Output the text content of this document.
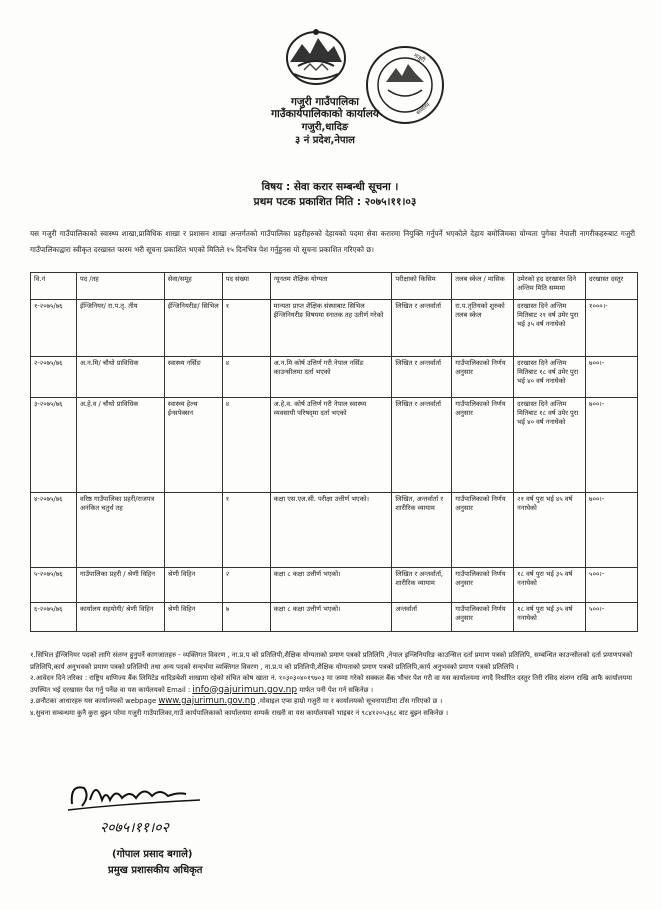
गजुरी
कार्यालय
गजुरी गाउँपालिका
गाउँकार्यपालिकाको कार्यालय
गजुरी,धादिङ
३ नं प्रदेश,नेपाल
विषय : सेवा करार सम्बन्धी सूचना ।
प्रथम पटक प्रकाशित मिति : २०७५।११।०३
यस गजुरी गाउँपालिकाको स्वास्थ्य शाखा,प्राविधिक शाखा र प्रशासन शाखा अन्तर्गतको गाउँपालिका प्रहरीहरुको देहायको पदमा सेवा करारमा नियुक्ति गर्नुपर्ने भएकोले देहाय बमोजिमका योग्यता पुगेका नेपाली नागरीकहरुबाट गजुरी गाउँपालिकाद्वारा स्वीकृत दरखास्त फारम भरी सूचना प्रकाशित भएको मितिले १५ दिनभित्र पेश गर्नुहुनस यो सूचना प्रकाशित गरिएको छ।
वि.नं	पद /तह	सेवा/समूह	पद संख्या	न्यूनतम शैक्षिक योग्यता	परीक्षाको किसिम	तलब स्केल / मासिक	उमेरको हद दरखास्त दिने अन्तिम मिति सम्ममा	दरखास्त दस्तुर
१-२०७५/७६	ईन्जिनियर/ रा.प.तृ. तीय	ईन्जिनियरीङ/ सिभिल	१	मान्यता प्राप्त शैक्षिक संस्थाबाट सिभिल ईन्जिनियरीङ विषयमा स्नातक तह उतीर्ण गरेको	लिखित र अन्तर्वार्ता	रा.प.तृतियको शुरुको तलब स्केल	दरखास्त दिने अन्तिम मितिबाट २१ वर्ष उमेर पुरा भई ३५ वर्ष ननाघेको	१०००।-
२-२०७५/७६	अ.न.मि/ चौथो प्राविधिक	स्वास्थ्य नर्सिङ	४	अ.न.मि कोर्ष उत्तिर्ण गरी नेपाल नर्सिङ काउन्सीलमा दर्ता भएको	लिखित र अन्तर्वार्ता	गाउँपालिकाको निर्णय अनुसार	दरखास्त दिने अन्तिम मितिबाट १८ वर्ष उमेर पुरा भई ४० वर्ष ननाघेको	७००।-
३-२०७५/७६	अ.हे.व / चौथो प्राविधिक	स्वास्थ्य हेल्थ ईन्सपेक्सन	४	अ.हे.व. कोर्ष उत्तिर्ण गरी नेपाल स्वास्थ्य व्यवसायी परिषद्‍मा दर्ता भएको	लिखित र अन्तर्वार्ता	गाउँपालिकाको निर्णय अनुसार	दरखास्त दिने अन्तिम मितिबाट १८ वर्ष उमेर पुरा भई ४० वर्ष ननाघेको	७००।-
४-२०७५/७६	वरिष्ठ गाउँपालिका प्रहरी/राजपत्र अनंकित चतुर्थ तह		१	कक्षा एस.एल.सी. परीक्षा उत्तीर्ण भएको।	लिखित, अन्तर्वार्ता र शारीरिक व्यायाम	गाउँपालिकाको निर्णय अनुसार	२१ वर्ष पुरा भई ४५ वर्ष ननाघेको	७००।-
५-२०७५/७६	गाउँपालिका प्रहरी / श्रेणी विहिन	श्रेणी विहिन	२	कक्षा ८ कक्षा उत्तीर्ण भएको।	लिखित र अन्तर्वार्ता, शारीरिक व्यायाम	गाउँपालिकाको निर्णय अनुसार	१८ वर्ष पुरा भई ३५ वर्ष ननाघेको	५००।-
६-२०७५/७६	कार्यालय सहयोगी/ श्रेणी विहिन	श्रेणी विहिन	७	कक्षा ८ कक्षा उत्तीर्ण भएको।	अन्तर्वार्ता	गाउँपालिकाको निर्णय अनुसार	१८ वर्ष पुरा भई ३५ वर्ष ननाघेको	५००।-

१.सिभिल ईन्जिनियर पदको लागि संलग्न हुनुपर्ने कागजातहरु - व्यक्तिगत विवरण , ना.प्र.प को प्रतिलिपी,शैक्षिक योग्यताको प्रमाण पत्रको प्रतिलिपि ,नेपाल इन्जिनियरिङ काउन्सिल दर्ता प्रमाण पत्रको प्रतिलिपि, सम्बन्धित काउन्सीलको दर्ता प्रमाणपत्रको प्रतिलिपि,कार्य अनुभवको प्रमाण पत्रको प्रतिलिपी तथा अन्य पदको सन्दर्भमा व्यक्तिगत विवरण , ना.प्र.प को प्रतिलिपी,शैक्षिक योग्यताको प्रमाण पत्रको प्रतिलिपि,कार्य अनुभवको प्रमाण पत्रको प्रतिलिपि ।

२.आवेदन दिने तरिका : राष्ट्रिय वाणिज्य बैंक लिमिटेड धादिङबेशी शाखामा रहेको संचित कोष खाता नं. १०३०३०४०१९७०३ मा जम्मा गरेको सक्कल बैंक भौचर पेश गरी वा यस कार्यालयमा नगदै निर्धारित दस्तुर तिरी रसिद संलग्न राखि आफै कार्यालयमा उपस्थित भई दरखास्त पेश गर्नु पर्नेछ वा यस कार्यलयको Email : info@gajurimun.gov.np मार्फत पनी पेश गर्न सकिनेछ ।

३.छनौटका आधारहरु यस कार्यालयको webpage www.gajurimun.gov.np ,मोवाइल एप्स हाम्रो गजुरी मा र कार्यालयको सूचनापाटीमा टाँस गरिएको छ ।

४.सुचना सम्बन्धमा कुनै कुरा बुझ्न परेमा गजुरी गाउँपालिका,गाउँ कार्यपालिकाको कार्यालयमा सम्पर्क राख्नी वा यस कार्यालयको भाइबर नं ९८४१२०५३६८ बाट बुझ्न सकिनेछ ।

२०७५।११।०२
(गोपाल प्रसाद बगाले)
प्रमुख प्रशासकीय अधिकृत
